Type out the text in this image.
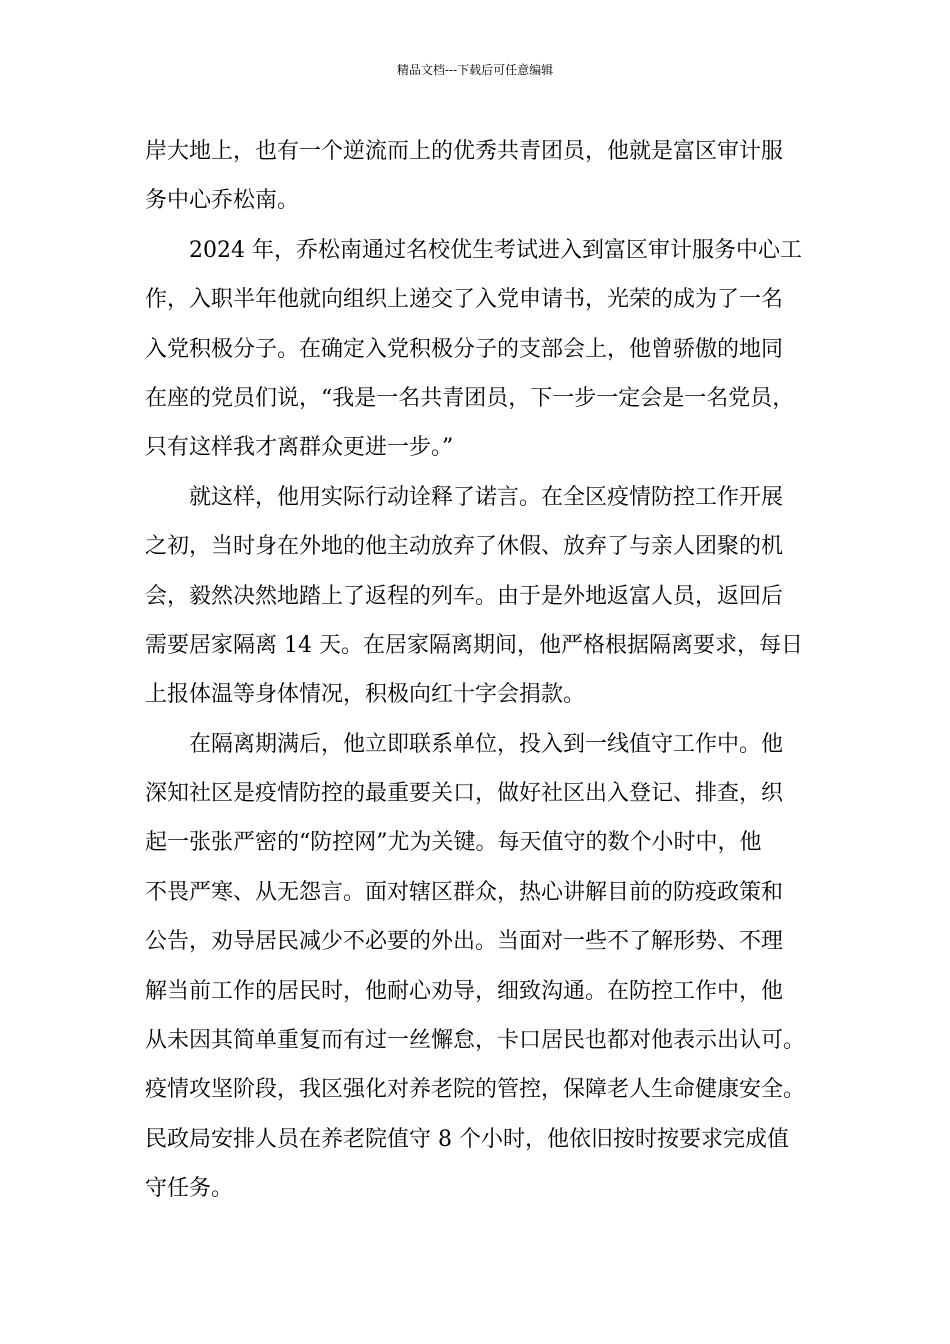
精品文档---下载后可任意编辑
岸大地上，也有一个逆流而上的优秀共青团员，他就是富区审计服
务中心乔松南。
2024 年，乔松南通过名校优生考试进入到富区审计服务中心工
作，入职半年他就向组织上递交了入党申请书，光荣的成为了一名
入党积极分子。在确定入党积极分子的支部会上，他曾骄傲的地同
在座的党员们说，“我是一名共青团员，下一步一定会是一名党员，
只有这样我才离群众更进一步。”
就这样，他用实际行动诠释了诺言。在全区疫情防控工作开展
之初，当时身在外地的他主动放弃了休假、放弃了与亲人团聚的机
会，毅然决然地踏上了返程的列车。由于是外地返富人员，返回后
需要居家隔离 14 天。在居家隔离期间，他严格根据隔离要求，每日
上报体温等身体情况，积极向红十字会捐款。
在隔离期满后，他立即联系单位，投入到一线值守工作中。他
深知社区是疫情防控的最重要关口，做好社区出入登记、排查，织
起一张张严密的“防控网”尤为关键。每天值守的数个小时中，他
不畏严寒、从无怨言。面对辖区群众，热心讲解目前的防疫政策和
公告，劝导居民减少不必要的外出。当面对一些不了解形势、不理
解当前工作的居民时，他耐心劝导，细致沟通。在防控工作中，他
从未因其简单重复而有过一丝懈怠，卡口居民也都对他表示出认可。
疫情攻坚阶段，我区强化对养老院的管控，保障老人生命健康安全。
民政局安排人员在养老院值守 8 个小时，他依旧按时按要求完成值
守任务。
